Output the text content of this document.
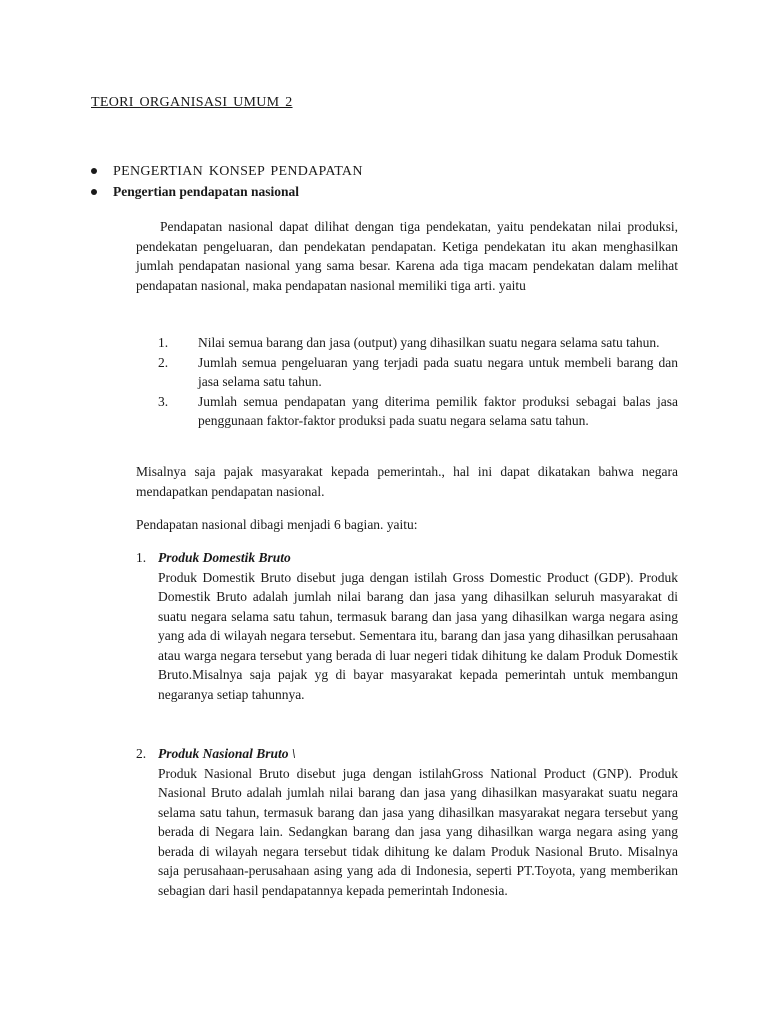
TEORI ORGANISASI UMUM 2
PENGERTIAN KONSEP PENDAPATAN
Pengertian pendapatan nasional

Pendapatan nasional dapat dilihat dengan tiga pendekatan, yaitu pendekatan nilai produksi, pendekatan pengeluaran, dan pendekatan pendapatan. Ketiga pendekatan itu akan menghasilkan jumlah pendapatan nasional yang sama besar. Karena ada tiga macam pendekatan dalam melihat pendapatan nasional, maka pendapatan nasional memiliki tiga arti. yaitu

1. Nilai semua barang dan jasa (output) yang dihasilkan suatu negara selama satu tahun.
2. Jumlah semua pengeluaran yang terjadi pada suatu negara untuk membeli barang dan jasa selama satu tahun.
3. Jumlah semua pendapatan yang diterima pemilik faktor produksi sebagai balas jasa penggunaan faktor-faktor produksi pada suatu negara selama satu tahun.

Misalnya saja pajak masyarakat kepada pemerintah., hal ini dapat dikatakan bahwa negara mendapatkan pendapatan nasional.

Pendapatan nasional dibagi menjadi 6 bagian. yaitu:

1. Produk Domestik Bruto

Produk Domestik Bruto disebut juga dengan istilah Gross Domestic Product (GDP). Produk Domestik Bruto adalah jumlah nilai barang dan jasa yang dihasilkan seluruh masyarakat di suatu negara selama satu tahun, termasuk barang dan jasa yang dihasilkan warga negara asing yang ada di wilayah negara tersebut. Sementara itu, barang dan jasa yang dihasilkan perusahaan atau warga negara tersebut yang berada di luar negeri tidak dihitung ke dalam Produk Domestik Bruto.Misalnya saja pajak yg di bayar masyarakat kepada pemerintah untuk membangun negaranya setiap tahunnya.

2. Produk Nasional Bruto \

Produk Nasional Bruto disebut juga dengan istilahGross National Product (GNP). Produk Nasional Bruto adalah jumlah nilai barang dan jasa yang dihasilkan masyarakat suatu negara selama satu tahun, termasuk barang dan jasa yang dihasilkan masyarakat negara tersebut yang berada di Negara lain. Sedangkan barang dan jasa yang dihasilkan warga negara asing yang berada di wilayah negara tersebut tidak dihitung ke dalam Produk Nasional Bruto. Misalnya saja perusahaan-perusahaan asing yang ada di Indonesia, seperti PT.Toyota, yang memberikan sebagian dari hasil pendapatannya kepada pemerintah Indonesia.
